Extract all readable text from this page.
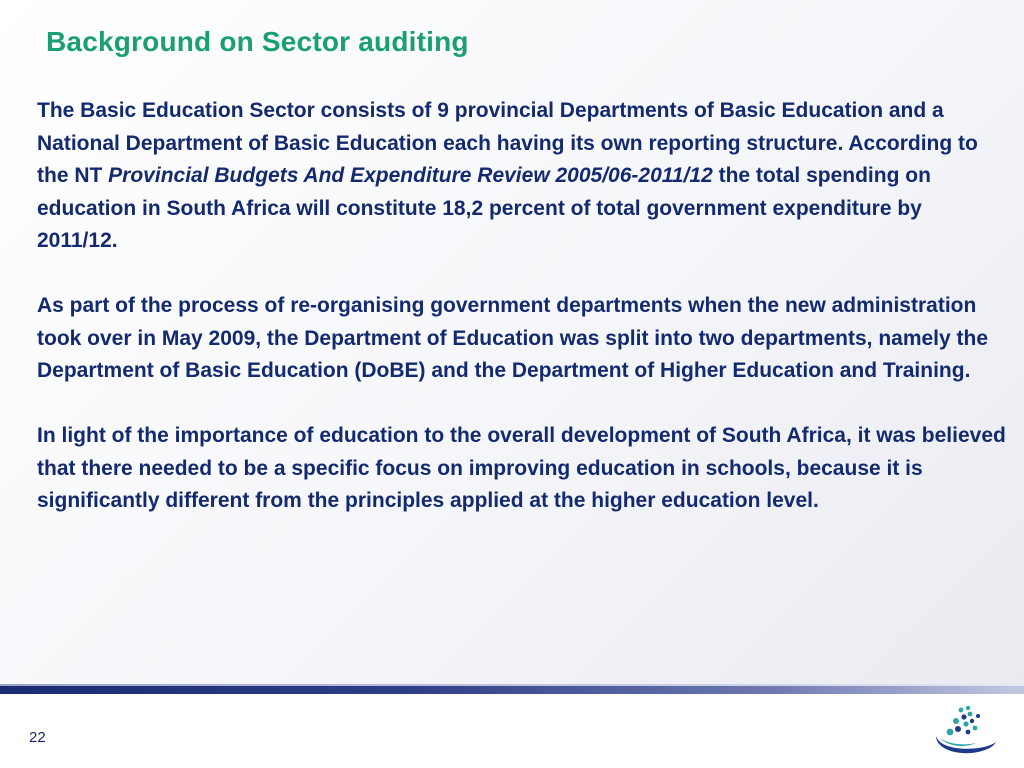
Background on Sector auditing

The Basic Education Sector consists of 9 provincial Departments of Basic Education and a National Department of Basic Education each having its own reporting structure. According to the NT Provincial Budgets And Expenditure Review 2005/06-2011/12 the total spending on education in South Africa will constitute 18,2 percent of total government expenditure by 2011/12.

As part of the process of re-organising government departments when the new administration took over in May 2009, the Department of Education was split into two departments, namely the Department of Basic Education (DoBE) and the Department of Higher Education and Training.

In light of the importance of education to the overall development of South Africa, it was believed that there needed to be a specific focus on improving education in schools, because it is significantly different from the principles applied at the higher education level.

22
